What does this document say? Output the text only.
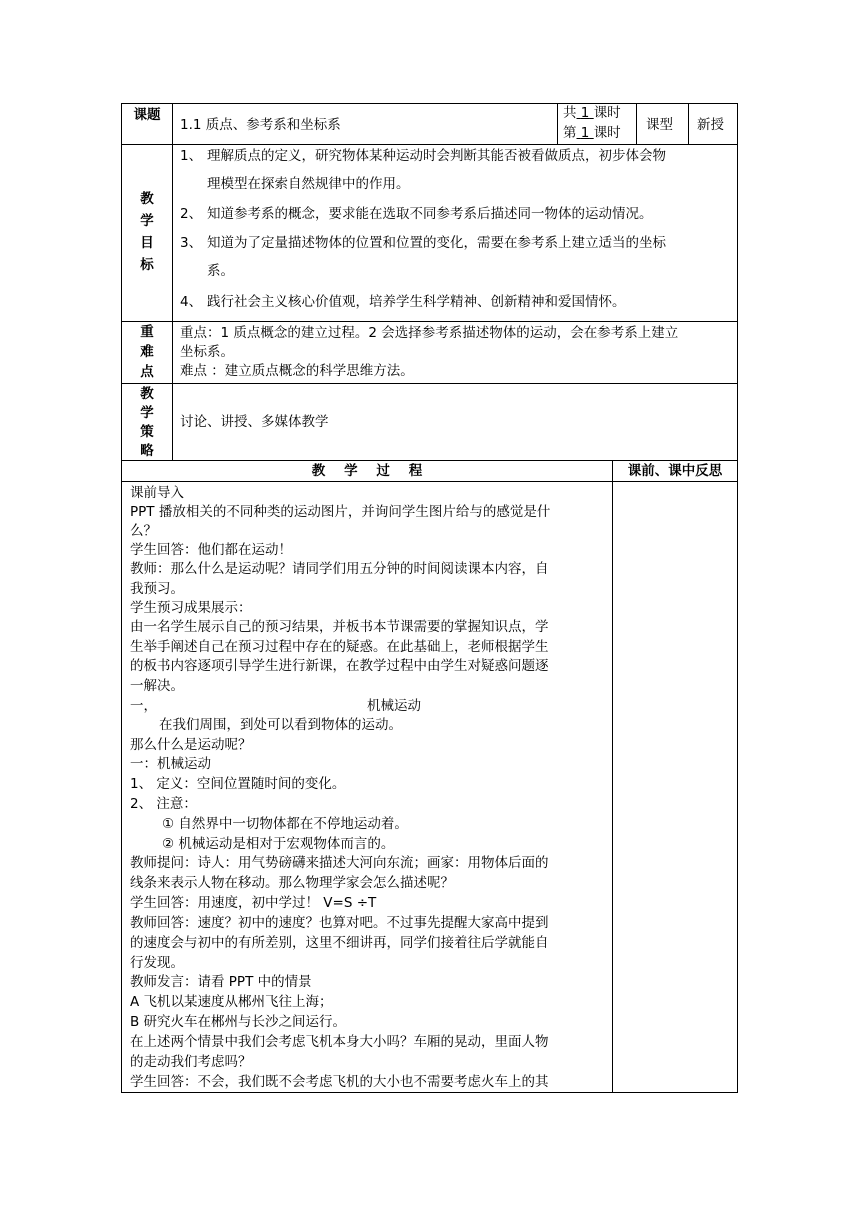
课题
1.1 质点、参考系和坐标系
共 1 课时
第 1 课时 课型 新授
教
学
目
标
1、 理解质点的定义，研究物体某种运动时会判断其能否被看做质点，初步体会物
理模型在探索自然规律中的作用。
2、 知道参考系的概念，要求能在选取不同参考系后描述同一物体的运动情况。
3、 知道为了定量描述物体的位置和位置的变化，需要在参考系上建立适当的坐标
系。
4、 践行社会主义核心价值观，培养学生科学精神、创新精神和爱国情怀。
重
难
点
重点：1 质点概念的建立过程。2 会选择参考系描述物体的运动，会在参考系上建立
坐标系。
难点 ：建立质点概念的科学思维方法。
教
学
策
略
讨论、讲授、多媒体教学
教    学    过    程	课前、课中反思
课前导入
PPT 播放相关的不同种类的运动图片，并询问学生图片给与的感觉是什
么？
学生回答：他们都在运动！
教师：那么什么是运动呢？请同学们用五分钟的时间阅读课本内容，自
我预习。
学生预习成果展示：
由一名学生展示自己的预习结果，并板书本节课需要的掌握知识点，学
生举手阐述自己在预习过程中存在的疑惑。在此基础上，老师根据学生
的板书内容逐项引导学生进行新课，在教学过程中由学生对疑惑问题逐
一解决。
一，	机械运动
在我们周围，到处可以看到物体的运动。
那么什么是运动呢？
一：机械运动
1、 定义：空间位置随时间的变化。
2、 注意：
① 自然界中一切物体都在不停地运动着。
② 机械运动是相对于宏观物体而言的。
教师提问：诗人：用气势磅礴来描述大河向东流；画家：用物体后面的
线条来表示人物在移动。那么物理学家会怎么描述呢？
学生回答：用速度，初中学过！ V=S ÷T
教师回答：速度？初中的速度？也算对吧。不过事先提醒大家高中提到
的速度会与初中的有所差别，这里不细讲再，同学们接着往后学就能自
行发现。
教师发言：请看 PPT 中的情景
A 飞机以某速度从郴州飞往上海；
B 研究火车在郴州与长沙之间运行。
在上述两个情景中我们会考虑飞机本身大小吗？车厢的晃动，里面人物
的走动我们考虑吗？
学生回答：不会，我们既不会考虑飞机的大小也不需要考虑火车上的其
